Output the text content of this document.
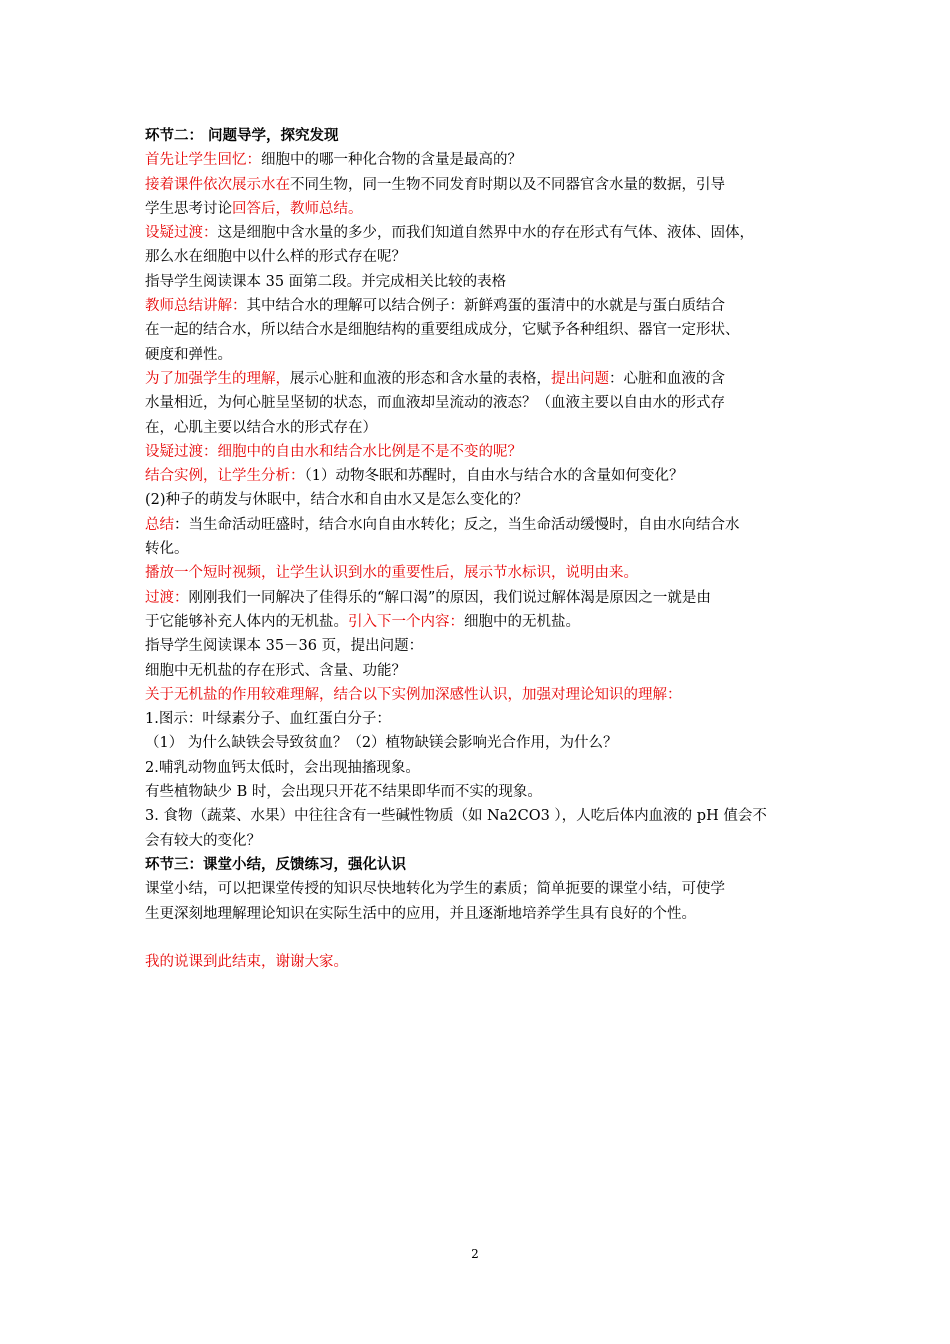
环节二： 问题导学，探究发现
首先让学生回忆：细胞中的哪一种化合物的含量是最高的？
接着课件依次展示水在不同生物，同一生物不同发育时期以及不同器官含水量的数据，引导
学生思考讨论回答后，教师总结。
设疑过渡：这是细胞中含水量的多少，而我们知道自然界中水的存在形式有气体、液体、固体，
那么水在细胞中以什么样的形式存在呢？
指导学生阅读课本 35 面第二段。并完成相关比较的表格
教师总结讲解：其中结合水的理解可以结合例子：新鲜鸡蛋的蛋清中的水就是与蛋白质结合
在一起的结合水，所以结合水是细胞结构的重要组成成分，它赋予各种组织、器官一定形状、
硬度和弹性。
为了加强学生的理解，展示心脏和血液的形态和含水量的表格，提出问题：心脏和血液的含
水量相近，为何心脏呈坚韧的状态，而血液却呈流动的液态？（血液主要以自由水的形式存
在，心肌主要以结合水的形式存在）
设疑过渡：细胞中的自由水和结合水比例是不是不变的呢？
结合实例，让学生分析：（1）动物冬眠和苏醒时，自由水与结合水的含量如何变化？
(2)种子的萌发与休眠中，结合水和自由水又是怎么变化的？
总结：当生命活动旺盛时，结合水向自由水转化；反之，当生命活动缓慢时，自由水向结合水
转化。
播放一个短时视频，让学生认识到水的重要性后，展示节水标识，说明由来。
过渡：刚刚我们一同解决了佳得乐的“解口渴”的原因，我们说过解体渴是原因之一就是由
于它能够补充人体内的无机盐。引入下一个内容：细胞中的无机盐。
指导学生阅读课本 35－36 页，提出问题：
细胞中无机盐的存在形式、含量、功能？
关于无机盐的作用较难理解，结合以下实例加深感性认识，加强对理论知识的理解：
1.图示：叶绿素分子、血红蛋白分子：
（1） 为什么缺铁会导致贫血？（2）植物缺镁会影响光合作用，为什么？
2.哺乳动物血钙太低时，会出现抽搐现象。
有些植物缺少 B 时，会出现只开花不结果即华而不实的现象。
3. 食物（蔬菜、水果）中往往含有一些碱性物质（如 Na2CO3 ），人吃后体内血液的 pH 值会不
会有较大的变化？
环节三：课堂小结，反馈练习，强化认识
课堂小结，可以把课堂传授的知识尽快地转化为学生的素质；简单扼要的课堂小结，可使学
生更深刻地理解理论知识在实际生活中的应用，并且逐渐地培养学生具有良好的个性。
我的说课到此结束，谢谢大家。
2
